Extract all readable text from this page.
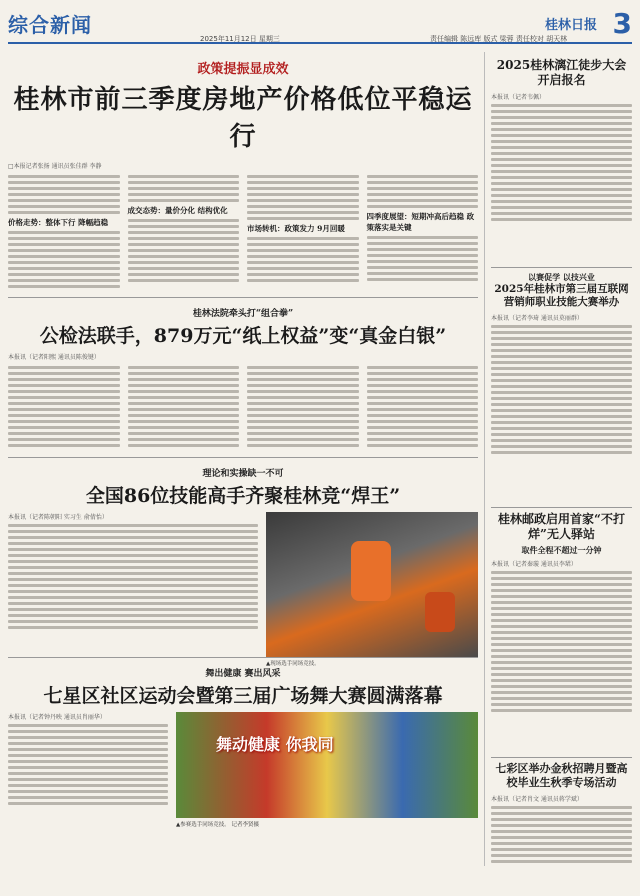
综合新闻	3
2025年11月12日 星期三	责任编辑 陈远库 版式 梁蓉 责任校对 胡天林
桂林日报
政策提振显成效
桂林市前三季度房地产价格低位平稳运行
□本报记者张扬 通讯员张佳群 李静
价格走势：整体下行 降幅趋稳
成交态势：量价分化 结构优化
市场转机：政策发力 9月回暖
四季度展望：短期冲高后趋稳 政策落实是关键
桂林法院牵头打“组合拳”
公检法联手，879万元“纸上权益”变“真金白银”
本报讯（记者阳熙 通讯员陈俊键）
理论和实操缺一不可
全国86位技能高手齐聚桂林竞“焊王”
本报讯（记者陈朝阳 实习生 俞倩怡）
▲现场选手同场竞技。
舞出健康 赛出风采
七星区社区运动会暨第三届广场舞大赛圆满落幕
本报讯（记者钟丹映 通讯员肖丽华）
舞动健康 你我同
▲参赛选手同场竞技。 记者李贤摄
2025桂林漓江徒步大会开启报名
本报讯（记者韦佩）
以赛促学 以技兴业
2025年桂林市第三届互联网营销师职业技能大赛举办
本报讯（记者李琦 通讯员莫丽群）
桂林邮政启用首家“不打烊”无人驿站
取件全程不超过一分钟
本报讯（记者秦璇 通讯员李珺）
七彩区举办金秋招聘月暨高校毕业生秋季专场活动
本报讯（记者肖文 通讯员蒋学斌）
